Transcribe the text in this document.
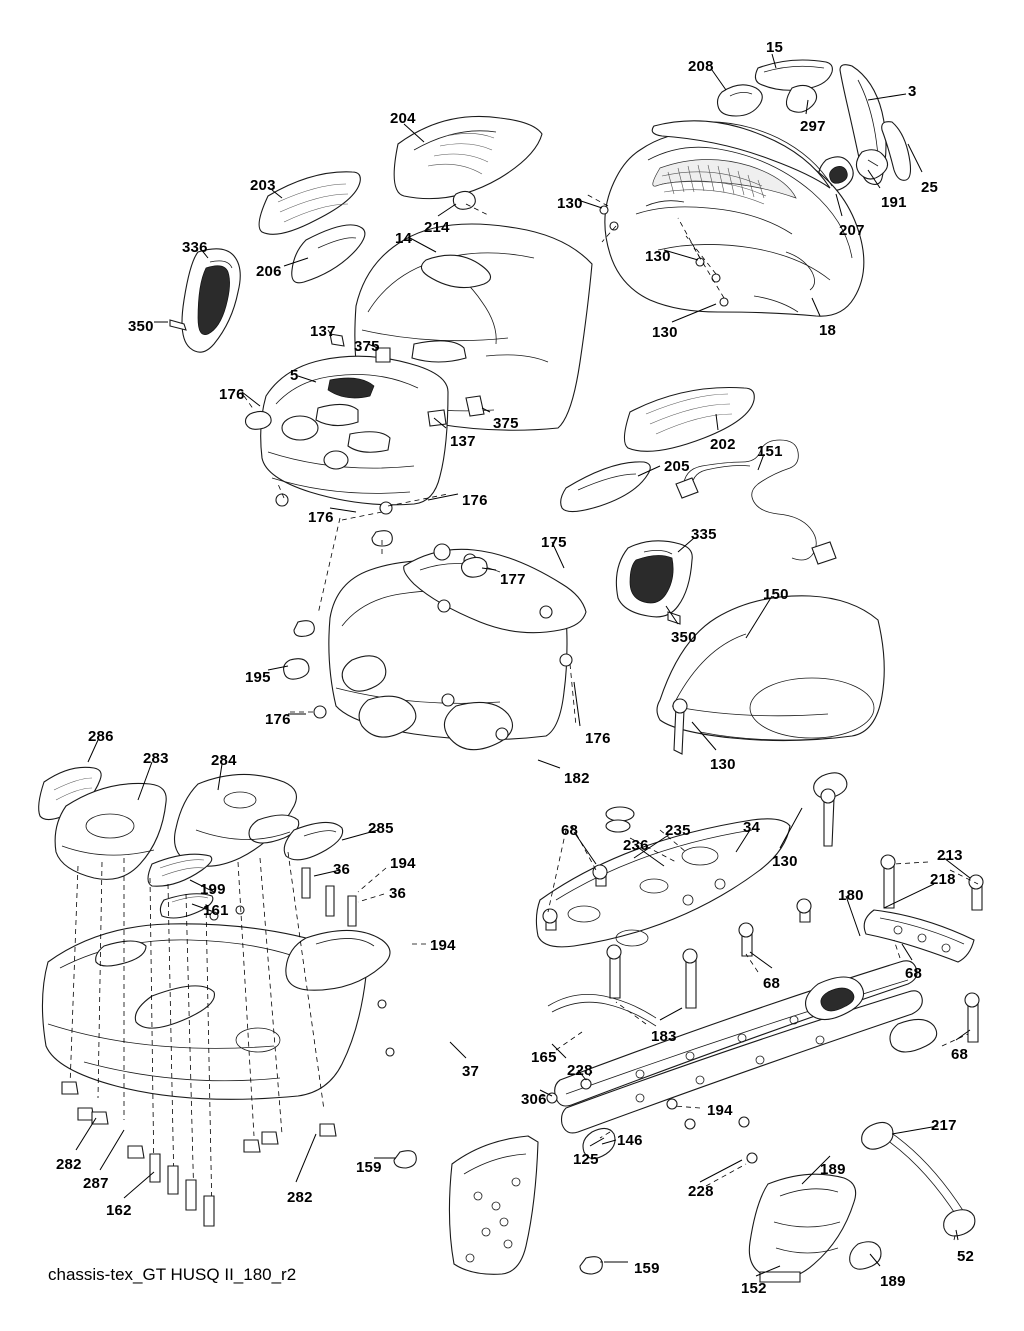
15
208
3
297
204
25
191
203
130
207
214
14
130
206
336
130	18
350	137
375
5
176
375
137	202 151
205
176
176
175	335
177
150
350
195
176
176
130
286
283	284
182
130
285	68	235	34
236
213
36	194
36
199
161
218
180
194
68
68
183
165	68
37	228
306
194
217
282
287
162
282
146
125
189
228
159
52
159
152	189
chassis-tex_GT HUSQ II_180_r2
